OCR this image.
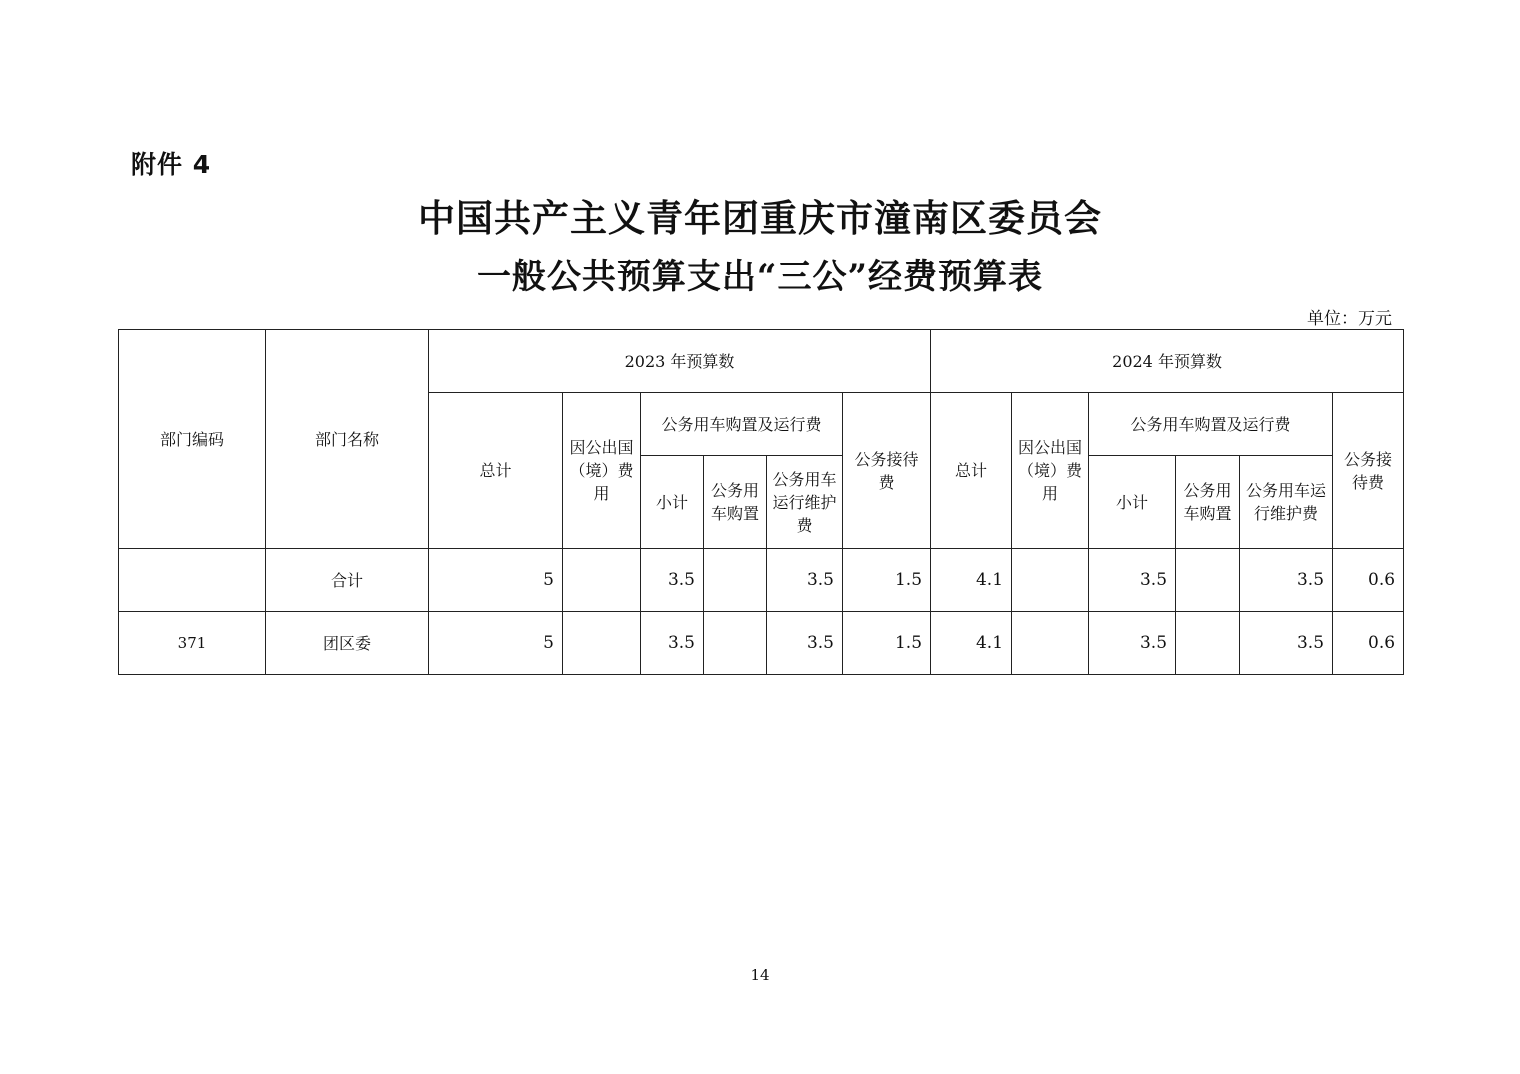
附件 4
中国共产主义青年团重庆市潼南区委员会
一般公共预算支出“三公”经费预算表
单位：万元
部门编码	部门名称	2023 年预算数						2024 年预算数					
		总计	因公出国（境）费用	公务用车购置及运行费			公务接待费	总计	因公出国（境）费用	公务用车购置及运行费			公务接待费
				小计	公务用车购置	公务用车运行维护费				小计	公务用车购置	公务用车运行维护费	
	合计	5		3.5		3.5	1.5	4.1		3.5		3.5	0.6
371	团区委	5		3.5		3.5	1.5	4.1		3.5		3.5	0.6
14
